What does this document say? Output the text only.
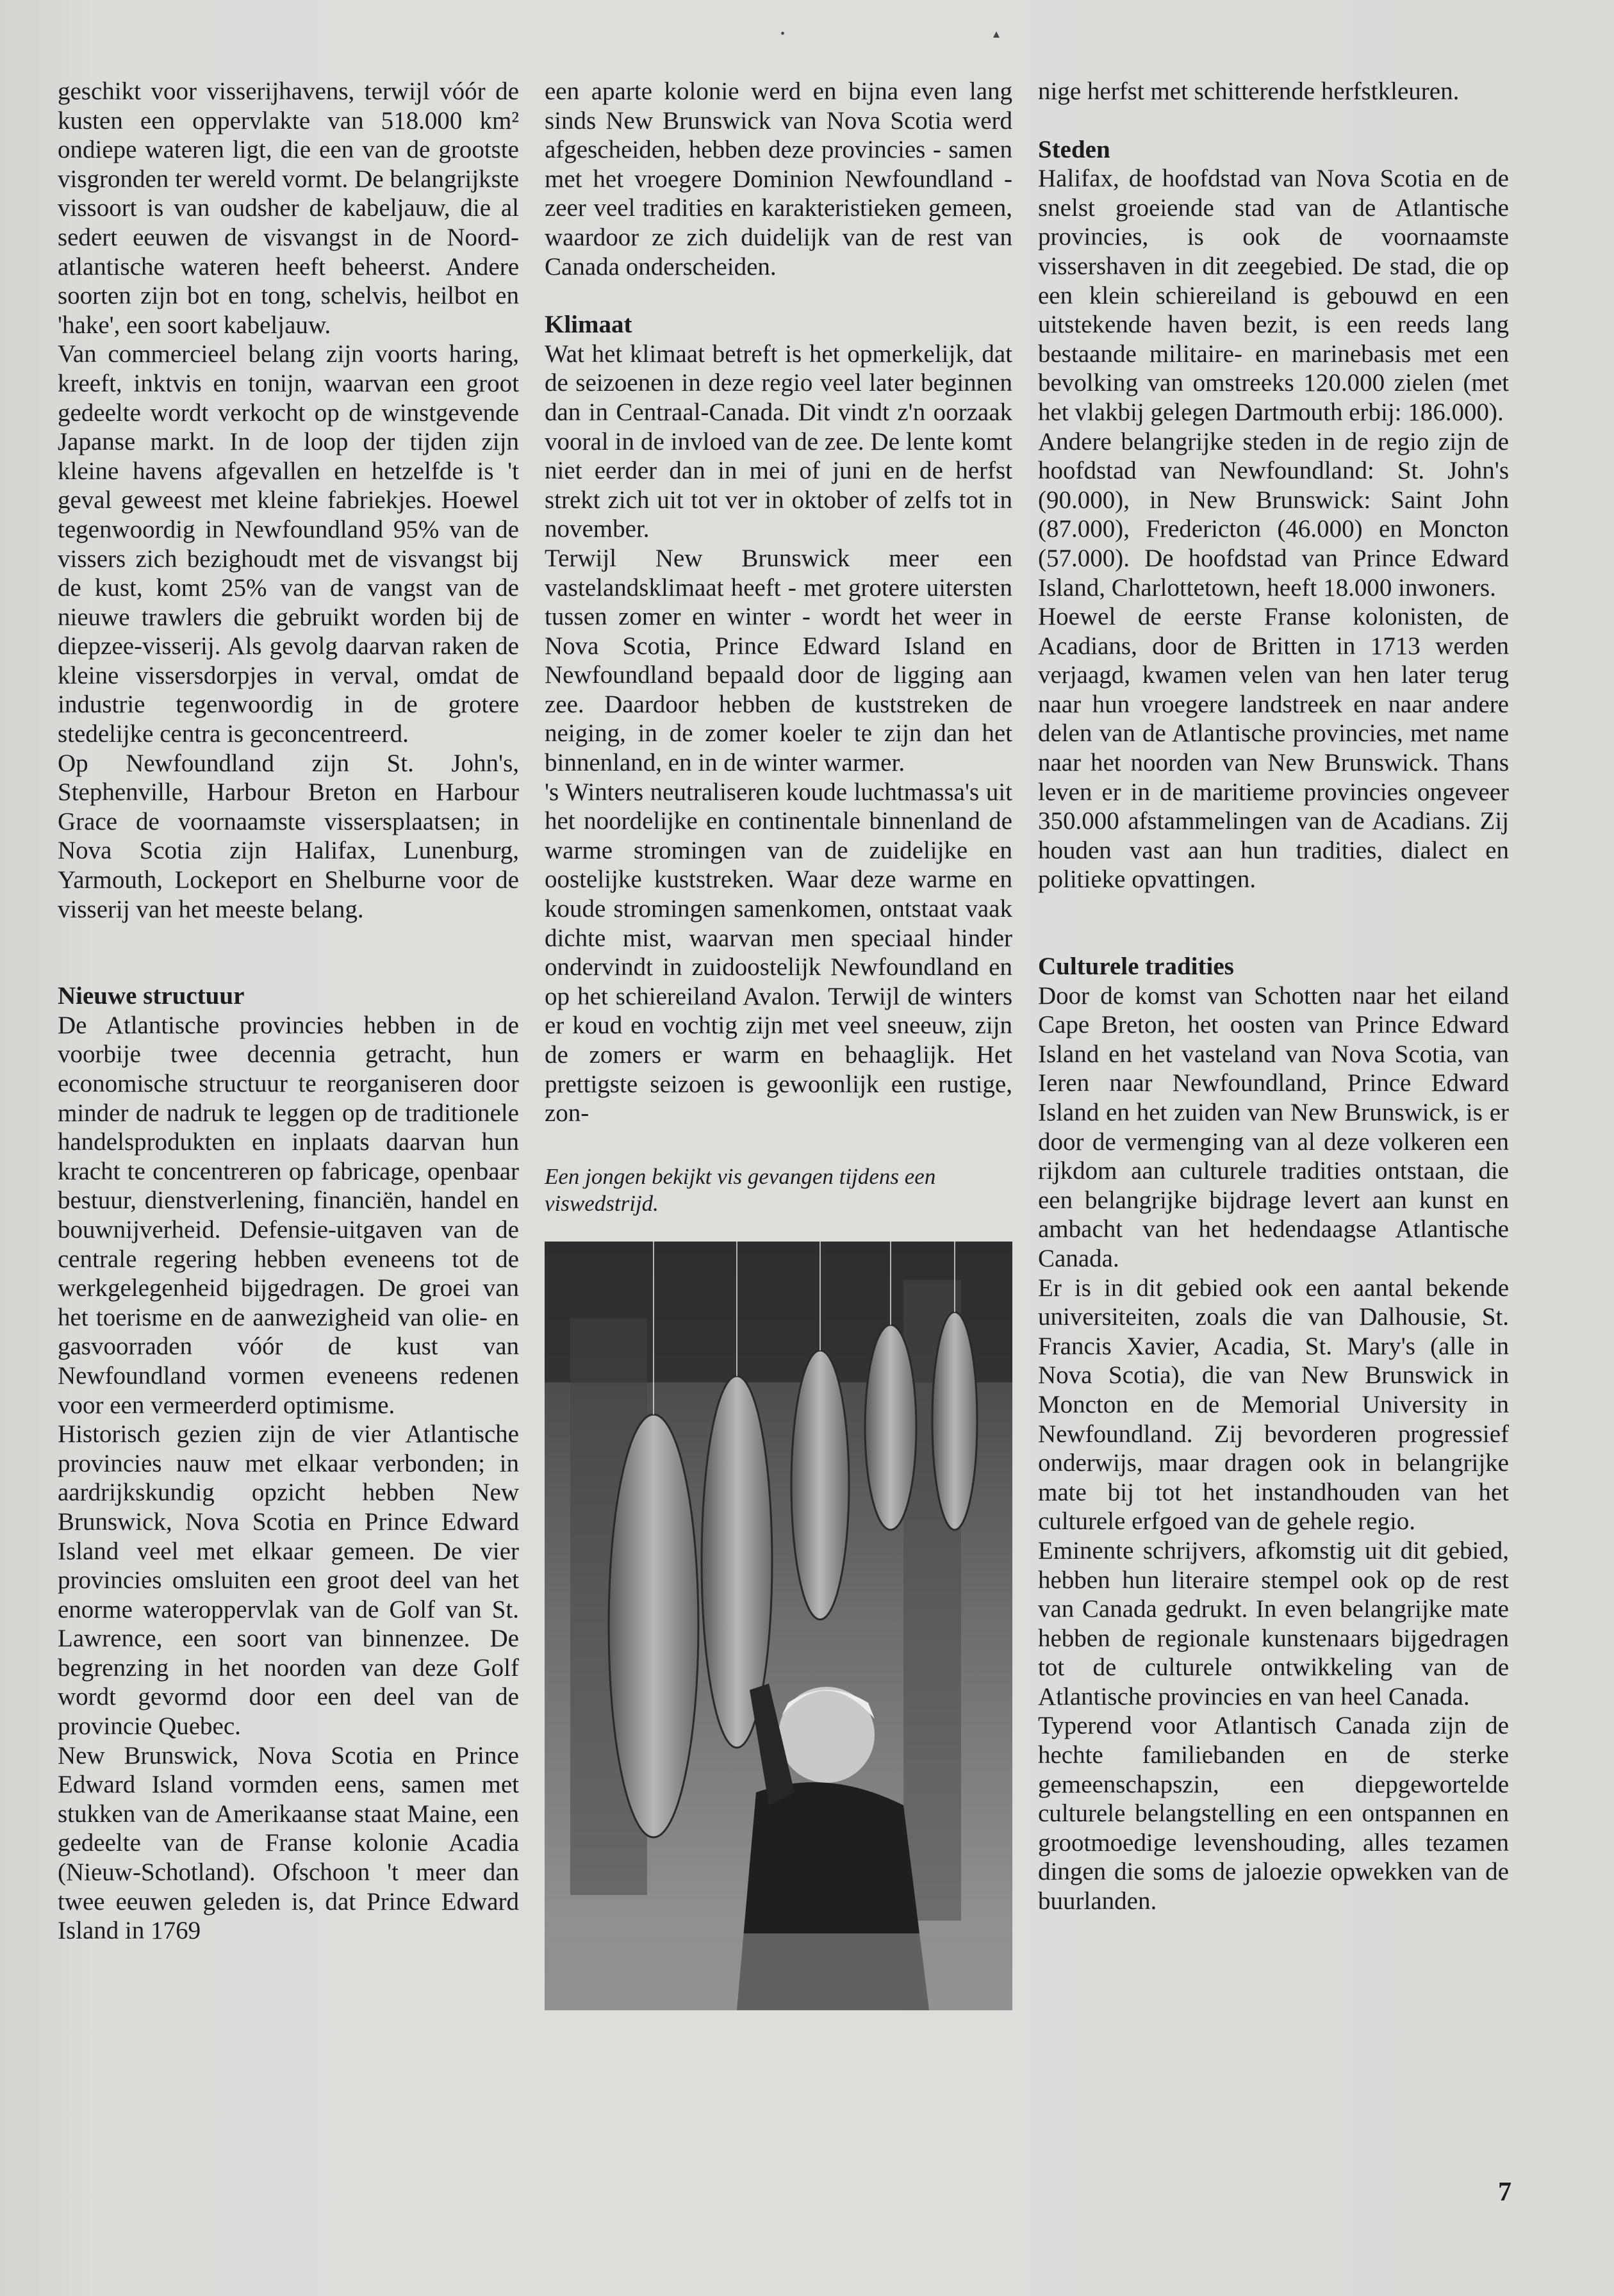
• ▴

geschikt voor visserijhavens, terwijl vóór de kusten een oppervlakte van 518.000 km² ondiepe wateren ligt, die een van de grootste visgronden ter wereld vormt. De belangrijkste vissoort is van oudsher de kabeljauw, die al sedert eeuwen de visvangst in de Noord-atlantische wateren heeft beheerst. Andere soorten zijn bot en tong, schelvis, heilbot en 'hake', een soort kabeljauw.

Van commercieel belang zijn voorts haring, kreeft, inktvis en tonijn, waarvan een groot gedeelte wordt verkocht op de winstgevende Japanse markt. In de loop der tijden zijn kleine havens afgevallen en hetzelfde is 't geval geweest met kleine fabriekjes. Hoewel tegenwoordig in Newfoundland 95% van de vissers zich bezighoudt met de visvangst bij de kust, komt 25% van de vangst van de nieuwe trawlers die gebruikt worden bij de diepzee-visserij. Als gevolg daarvan raken de kleine vissersdorpjes in verval, omdat de industrie tegenwoordig in de grotere stedelijke centra is geconcentreerd.

Op Newfoundland zijn St. John's, Stephenville, Harbour Breton en Harbour Grace de voornaamste vissersplaatsen; in Nova Scotia zijn Halifax, Lunenburg, Yarmouth, Lockeport en Shelburne voor de visserij van het meeste belang.

Nieuwe structuur

De Atlantische provincies hebben in de voorbije twee decennia getracht, hun economische structuur te reorganiseren door minder de nadruk te leggen op de traditionele handelsprodukten en inplaats daarvan hun kracht te concentreren op fabricage, openbaar bestuur, dienstverlening, financiën, handel en bouwnijverheid. Defensie-uitgaven van de centrale regering hebben eveneens tot de werkgelegenheid bijgedragen. De groei van het toerisme en de aanwezigheid van olie- en gasvoorraden vóór de kust van Newfoundland vormen eveneens redenen voor een vermeerderd optimisme.

Historisch gezien zijn de vier Atlantische provincies nauw met elkaar verbonden; in aardrijkskundig opzicht hebben New Brunswick, Nova Scotia en Prince Edward Island veel met elkaar gemeen. De vier provincies omsluiten een groot deel van het enorme wateroppervlak van de Golf van St. Lawrence, een soort van binnenzee. De begrenzing in het noorden van deze Golf wordt gevormd door een deel van de provincie Quebec.

New Brunswick, Nova Scotia en Prince Edward Island vormden eens, samen met stukken van de Amerikaanse staat Maine, een gedeelte van de Franse kolonie Acadia (Nieuw-Schotland). Ofschoon 't meer dan twee eeuwen geleden is, dat Prince Edward Island in 1769

een aparte kolonie werd en bijna even lang sinds New Brunswick van Nova Scotia werd afgescheiden, hebben deze provincies - samen met het vroegere Dominion Newfoundland - zeer veel tradities en karakteristieken gemeen, waardoor ze zich duidelijk van de rest van Canada onderscheiden.

Klimaat

Wat het klimaat betreft is het opmerkelijk, dat de seizoenen in deze regio veel later beginnen dan in Centraal-Canada. Dit vindt z'n oorzaak vooral in de invloed van de zee. De lente komt niet eerder dan in mei of juni en de herfst strekt zich uit tot ver in oktober of zelfs tot in november.

Terwijl New Brunswick meer een vastelandsklimaat heeft - met grotere uitersten tussen zomer en winter - wordt het weer in Nova Scotia, Prince Edward Island en Newfoundland bepaald door de ligging aan zee. Daardoor hebben de kuststreken de neiging, in de zomer koeler te zijn dan het binnenland, en in de winter warmer.

's Winters neutraliseren koude luchtmassa's uit het noordelijke en continentale binnenland de warme stromingen van de zuidelijke en oostelijke kuststreken. Waar deze warme en koude stromingen samenkomen, ontstaat vaak dichte mist, waarvan men speciaal hinder ondervindt in zuidoostelijk Newfoundland en op het schiereiland Avalon. Terwijl de winters er koud en vochtig zijn met veel sneeuw, zijn de zomers er warm en behaaglijk. Het prettigste seizoen is gewoonlijk een rustige, zon-

Een jongen bekijkt vis gevangen tijdens een viswedstrijd.

nige herfst met schitterende herfstkleuren.

Steden

Halifax, de hoofdstad van Nova Scotia en de snelst groeiende stad van de Atlantische provincies, is ook de voornaamste vissershaven in dit zeegebied. De stad, die op een klein schiereiland is gebouwd en een uitstekende haven bezit, is een reeds lang bestaande militaire- en marinebasis met een bevolking van omstreeks 120.000 zielen (met het vlakbij gelegen Dartmouth erbij: 186.000).

Andere belangrijke steden in de regio zijn de hoofdstad van Newfoundland: St. John's (90.000), in New Brunswick: Saint John (87.000), Fredericton (46.000) en Moncton (57.000). De hoofdstad van Prince Edward Island, Charlottetown, heeft 18.000 inwoners.

Hoewel de eerste Franse kolonisten, de Acadians, door de Britten in 1713 werden verjaagd, kwamen velen van hen later terug naar hun vroegere landstreek en naar andere delen van de Atlantische provincies, met name naar het noorden van New Brunswick. Thans leven er in de maritieme provincies ongeveer 350.000 afstammelingen van de Acadians. Zij houden vast aan hun tradities, dialect en politieke opvattingen.

Culturele tradities

Door de komst van Schotten naar het eiland Cape Breton, het oosten van Prince Edward Island en het vasteland van Nova Scotia, van Ieren naar Newfoundland, Prince Edward Island en het zuiden van New Brunswick, is er door de vermenging van al deze volkeren een rijkdom aan culturele tradities ontstaan, die een belangrijke bijdrage levert aan kunst en ambacht van het hedendaagse Atlantische Canada.

Er is in dit gebied ook een aantal bekende universiteiten, zoals die van Dalhousie, St. Francis Xavier, Acadia, St. Mary's (alle in Nova Scotia), die van New Brunswick in Moncton en de Memorial University in Newfoundland. Zij bevorderen progressief onderwijs, maar dragen ook in belangrijke mate bij tot het instandhouden van het culturele erfgoed van de gehele regio.

Eminente schrijvers, afkomstig uit dit gebied, hebben hun literaire stempel ook op de rest van Canada gedrukt. In even belangrijke mate hebben de regionale kunstenaars bijgedragen tot de culturele ontwikkeling van de Atlantische provincies en van heel Canada.

Typerend voor Atlantisch Canada zijn de hechte familiebanden en de sterke gemeenschapszin, een diepgewortelde culturele belangstelling en een ontspannen en grootmoedige levenshouding, alles tezamen dingen die soms de jaloezie opwekken van de buurlanden.

7
